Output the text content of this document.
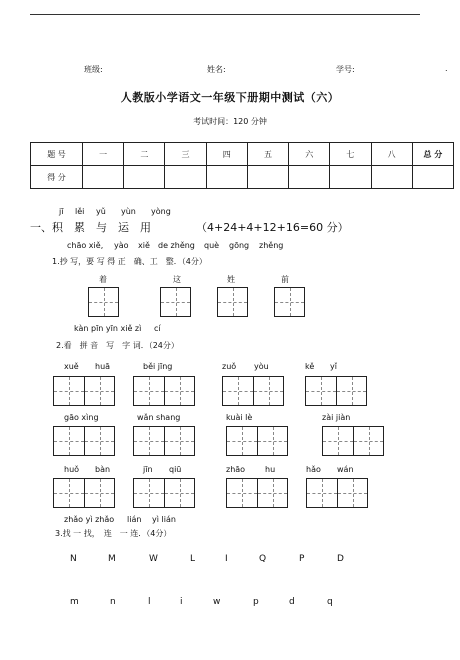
班级:	姓名:	学号:	.
人教版小学语文一年级下册期中测试（六）
考试时间：120 分钟
题 号	一	二	三	四	五	六	七	八	总 分
得 分									
jī lěi yǔ yùn yòng
一、积　累　与　运　用	（4+24+4+12+16=60 分）
chāo xiě, yào xiě de zhěng què gōng zhěng
1.抄 写，要 写 得 正　确、工　整．（4分）
着	这	姓	前
kàn pīn yīn xiě zì cí
2.看　拼 音　写　字 词．（24分）
xuě huā	běi jīng	zuǒ yòu	kě yǐ
gāo xìng	wǎn shang	kuài lè	zài jiàn
huǒ bàn	jīn qiū	zhāo hu	hǎo wán
zhǎo yì zhǎo lián yì lián
3.找 一 找，　连　一 连．（4分）
N	M	W	L	I	Q	P	D
m	n	l	i	w	p	d	q
